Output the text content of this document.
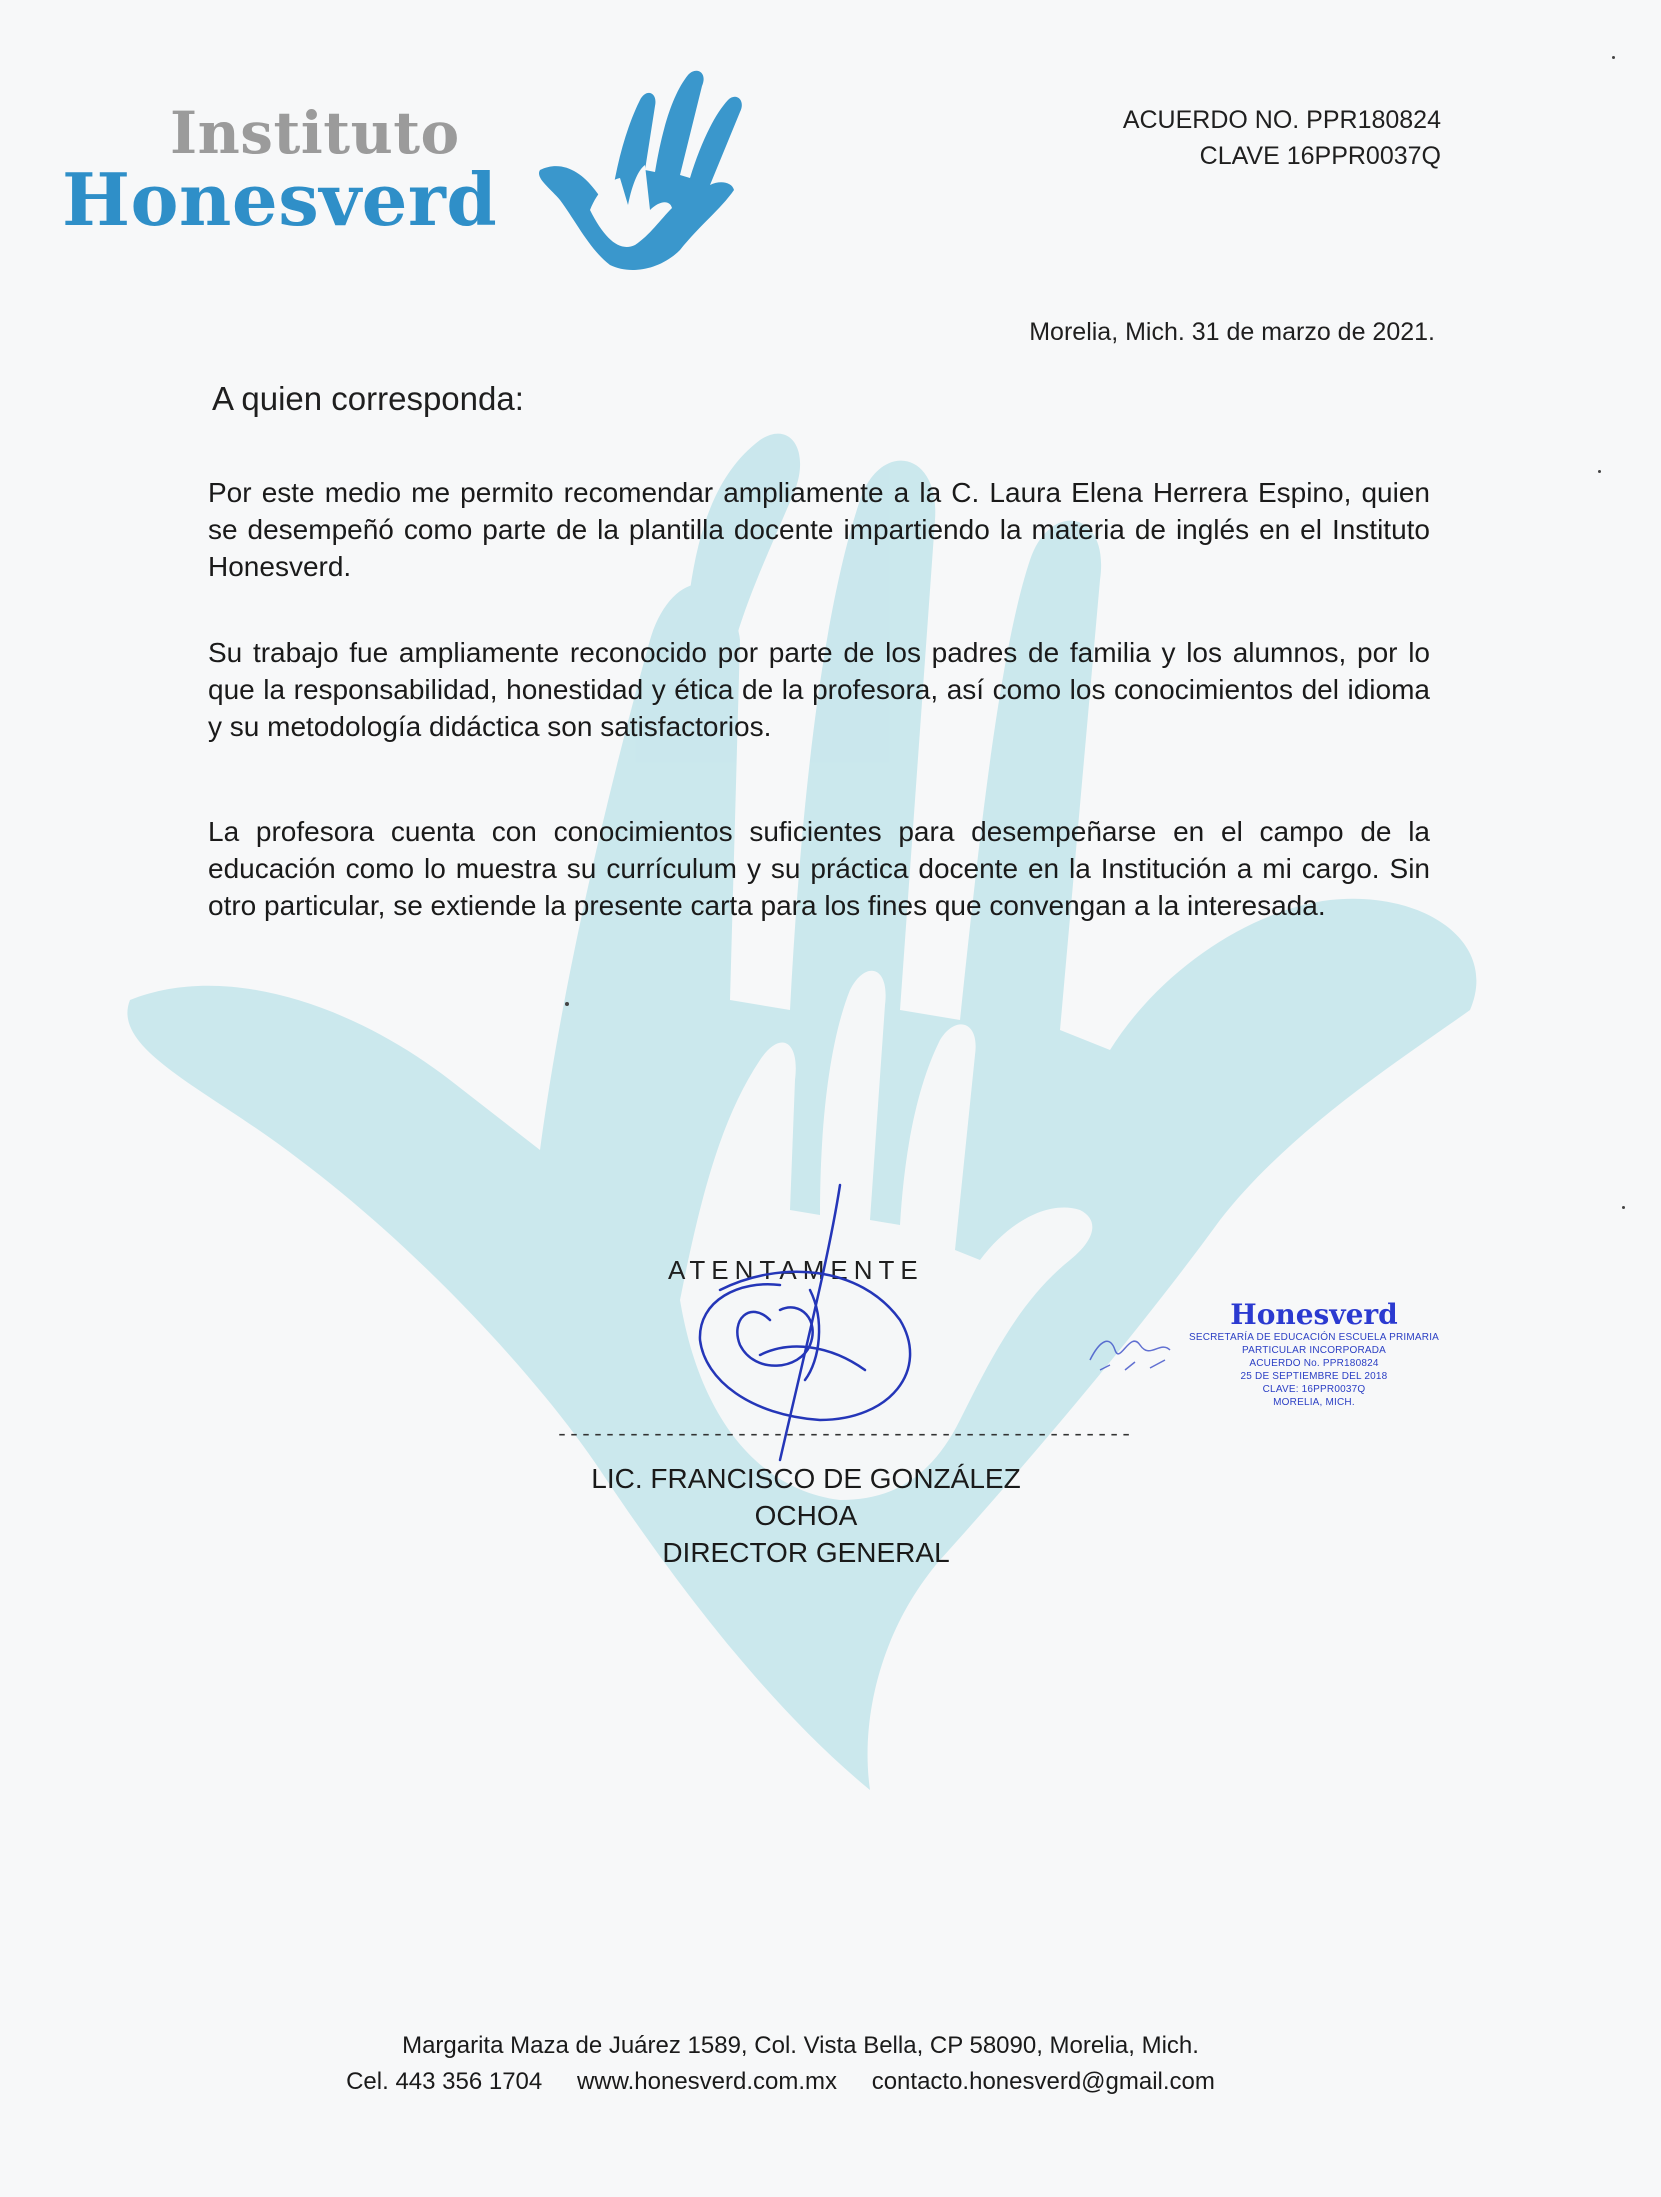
Instituto
Honesverd
ACUERDO NO. PPR180824
CLAVE 16PPR0037Q
Morelia, Mich. 31 de marzo de 2021.
A quien corresponda:

Por este medio me permito recomendar ampliamente a la C. Laura Elena Herrera Espino, quien se desempeñó como parte de la plantilla docente impartiendo la materia de inglés en el Instituto Honesverd.

Su trabajo fue ampliamente reconocido por parte de los padres de familia y los alumnos, por lo que la responsabilidad, honestidad y ética de la profesora, así como los conocimientos del idioma y su metodología didáctica son satisfactorios.

La profesora cuenta con conocimientos suficientes para desempeñarse en el campo de la educación como lo muestra su currículum y su práctica docente en la Institución a mi cargo. Sin otro particular, se extiende la presente carta para los fines que convengan a la interesada.

ATENTAMENTE
------------------------------------------------
LIC. FRANCISCO DE GONZÁLEZ OCHOA
DIRECTOR GENERAL
Honesverd
SECRETARÍA DE EDUCACIÓN ESCUELA PRIMARIA
PARTICULAR INCORPORADA
ACUERDO No. PPR180824
25 DE SEPTIEMBRE DEL 2018
CLAVE: 16PPR0037Q
MORELIA, MICH.
Margarita Maza de Juárez 1589, Col. Vista Bella, CP 58090, Morelia, Mich.
Cel. 443 356 1704 www.honesverd.com.mx contacto.honesverd@gmail.com
